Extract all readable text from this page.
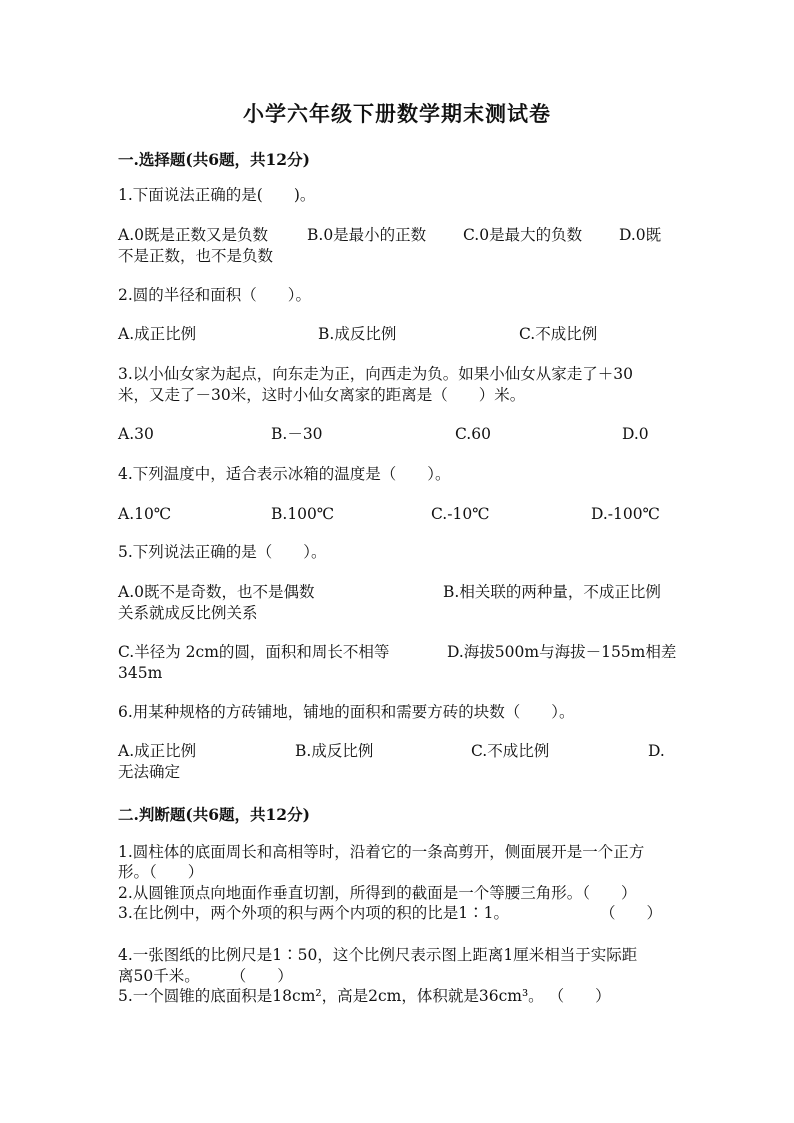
小学六年级下册数学期末测试卷
一.选择题(共6题，共12分)
1.下面说法正确的是(　　)。
A.0既是正数又是负数	B.0是最小的正数 C.0是最大的负数 D.0既
不是正数，也不是负数
2.圆的半径和面积（　　）。
A.成正比例	B.成反比例	C.不成比例
3.以小仙女家为起点，向东走为正，向西走为负。如果小仙女从家走了＋30
米，又走了－30米，这时小仙女离家的距离是（　　）米。
A.30	B.－30	C.60	D.0
4.下列温度中，适合表示冰箱的温度是（　　）。
A.10℃	B.100℃	C.-10℃	D.-100℃
5.下列说法正确的是（　　）。
A.0既不是奇数，也不是偶数	B.相关联的两种量，不成正比例
关系就成反比例关系
C.半径为 2cm的圆，面积和周长不相等	D.海拔500m与海拔－155m相差
345m
6.用某种规格的方砖铺地，铺地的面积和需要方砖的块数（　　）。
A.成正比例	B.成反比例	C.不成比例	D.
无法确定
二.判断题(共6题，共12分)
1.圆柱体的底面周长和高相等时，沿着它的一条高剪开，侧面展开是一个正方
形。（　　）
2.从圆锥顶点向地面作垂直切割，所得到的截面是一个等腰三角形。（　　）
3.在比例中，两个外项的积与两个内项的积的比是1∶1。	（　　）
4.一张图纸的比例尺是1∶50，这个比例尺表示图上距离1厘米相当于实际距
离50千米。　　　（　　）
5.一个圆锥的底面积是18cm²，高是2cm，体积就是36cm³。 （　　）
